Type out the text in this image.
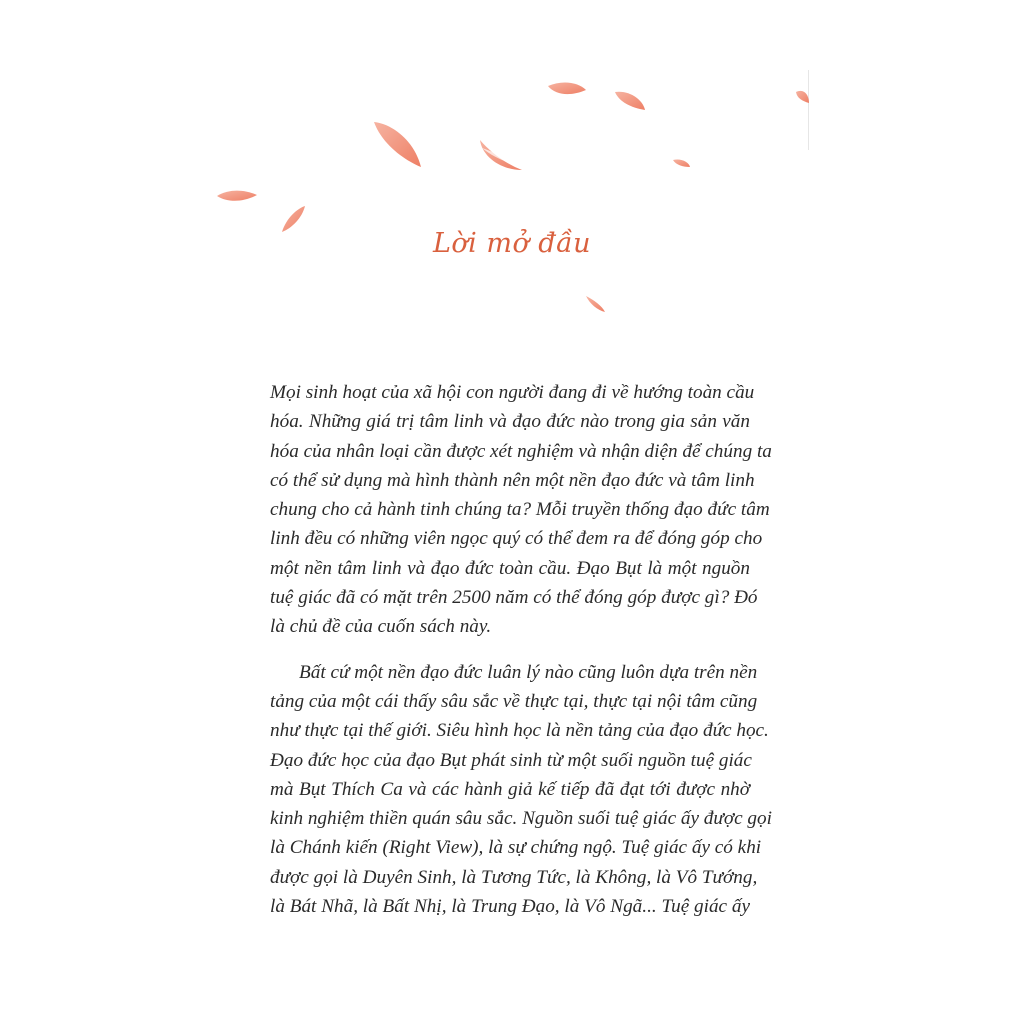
Lời mở đầu
Mọi sinh hoạt của xã hội con người đang đi về hướng toàn cầu
hóa. Những giá trị tâm linh và đạo đức nào trong gia sản văn
hóa của nhân loại cần được xét nghiệm và nhận diện để chúng ta
có thể sử dụng mà hình thành nên một nền đạo đức và tâm linh
chung cho cả hành tinh chúng ta? Mỗi truyền thống đạo đức tâm
linh đều có những viên ngọc quý có thể đem ra để đóng góp cho
một nền tâm linh và đạo đức toàn cầu. Đạo Bụt là một nguồn
tuệ giác đã có mặt trên 2500 năm có thể đóng góp được gì? Đó
là chủ đề của cuốn sách này.
Bất cứ một nền đạo đức luân lý nào cũng luôn dựa trên nền
tảng của một cái thấy sâu sắc về thực tại, thực tại nội tâm cũng
như thực tại thế giới. Siêu hình học là nền tảng của đạo đức học.
Đạo đức học của đạo Bụt phát sinh từ một suối nguồn tuệ giác
mà Bụt Thích Ca và các hành giả kế tiếp đã đạt tới được nhờ
kinh nghiệm thiền quán sâu sắc. Nguồn suối tuệ giác ấy được gọi
là Chánh kiến (Right View), là sự chứng ngộ. Tuệ giác ấy có khi
được gọi là Duyên Sinh, là Tương Tức, là Không, là Vô Tướng,
là Bát Nhã, là Bất Nhị, là Trung Đạo, là Vô Ngã... Tuệ giác ấy
